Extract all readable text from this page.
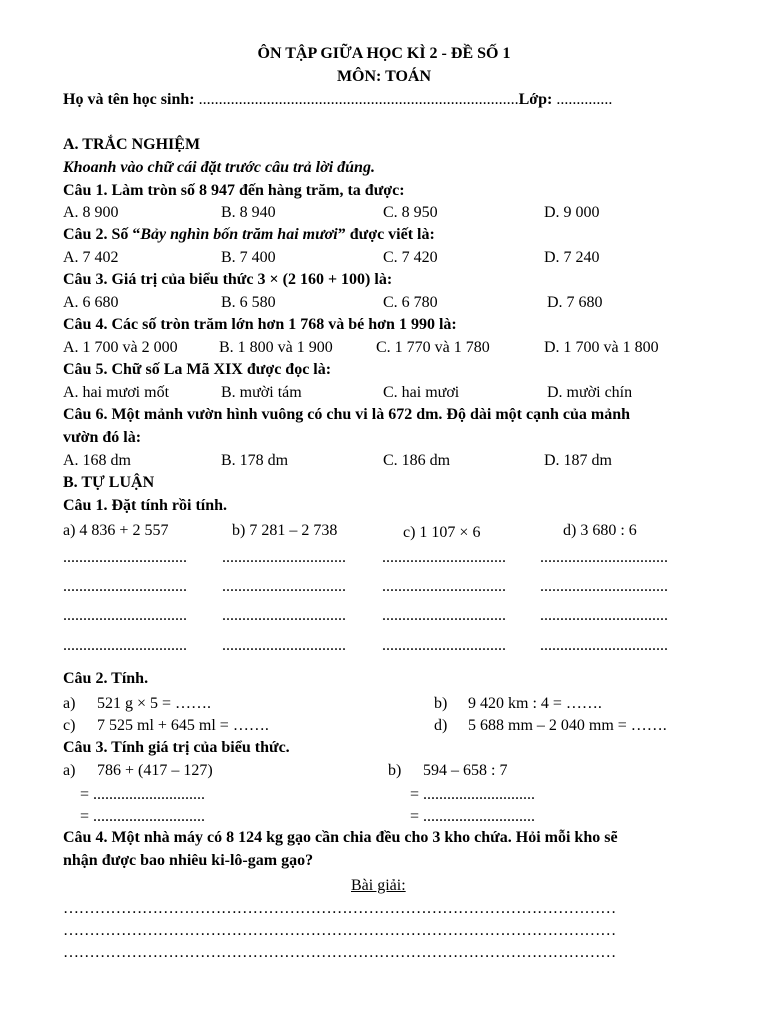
ÔN TẬP GIỮA HỌC KÌ 2 - ĐỀ SỐ 1
MÔN: TOÁN
Họ và tên học sinh: ................................................................................Lớp: ..............
A. TRẮC NGHIỆM
Khoanh vào chữ cái đặt trước câu trả lời đúng.
Câu 1. Làm tròn số 8 947 đến hàng trăm, ta được:
A. 8 900	B. 8 940	C. 8 950	D. 9 000
Câu 2. Số “Bảy nghìn bốn trăm hai mươi” được viết là:
A. 7 402	B. 7 400	C. 7 420	D. 7 240
Câu 3. Giá trị của biểu thức 3 × (2 160 + 100) là:
A. 6 680	B. 6 580	C. 6 780	D. 7 680
Câu 4. Các số tròn trăm lớn hơn 1 768 và bé hơn 1 990 là:
A. 1 700 và 2 000	B. 1 800 và 1 900	C. 1 770 và 1 780	D. 1 700 và 1 800
Câu 5. Chữ số La Mã XIX được đọc là:
A. hai mươi mốt	B. mười tám	C. hai mươi	D. mười chín
Câu 6. Một mảnh vườn hình vuông có chu vi là 672 dm. Độ dài một cạnh của mảnh
vườn đó là:
A. 168 dm	B. 178 dm	C. 186 dm	D. 187 dm
B. TỰ LUẬN
Câu 1. Đặt tính rồi tính.
a) 4 836 + 2 557	b) 7 281 – 2 738	c) 1 107 × 6	d) 3 680 : 6
............................... ............................... ............................... ................................
............................... ............................... ............................... ................................
............................... ............................... ............................... ................................
............................... ............................... ............................... ................................
Câu 2. Tính.
a) 521 g × 5 = …….	b) 9 420 km : 4 = …….
c) 7 525 ml + 645 ml = …….	d) 5 688 mm – 2 040 mm = …….
Câu 3. Tính giá trị của biểu thức.
a) 786 + (417 – 127)	b) 594 – 658 : 7
= ............................	= ............................
= ............................	= ............................
Câu 4. Một nhà máy có 8 124 kg gạo cần chia đều cho 3 kho chứa. Hỏi mỗi kho sẽ
nhận được bao nhiêu ki-lô-gam gạo?
Bài giải:
……………………………………………………………………………………………
……………………………………………………………………………………………
……………………………………………………………………………………………
